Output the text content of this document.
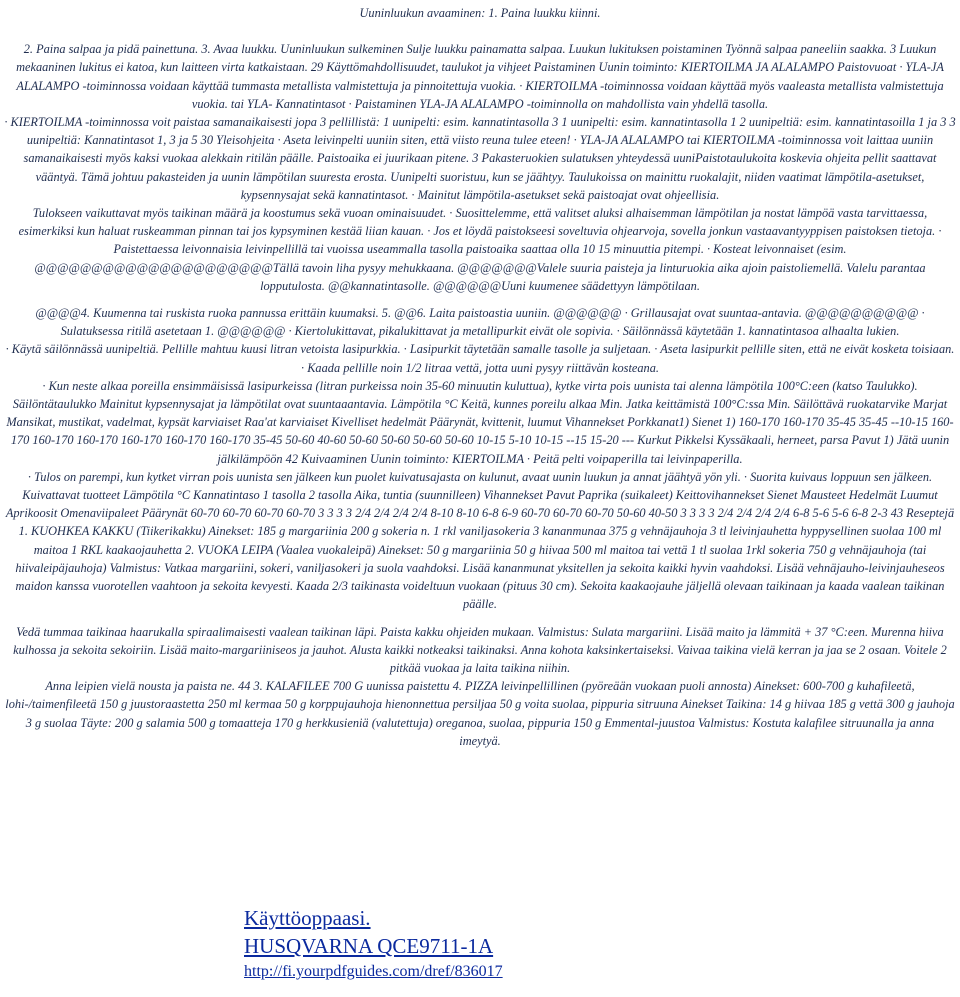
Uuninluukun avaaminen: 1. Paina luukku kiinni.

2. Paina salpaa ja pidä painettuna. 3. Avaa luukku. Uuninluukun sulkeminen Sulje luukku painamatta salpaa. Luukun lukituksen poistaminen Työnnä salpaa paneeliin saakka. 3 Luukun mekaaninen lukitus ei katoa, kun laitteen virta katkaistaan. 29 Käyttömahdollisuudet, taulukot ja vihjeet Paistaminen Uunin toiminto: KIERTOILMA JA ALALAMPO Paistovuoat · YLA-JA ALALAMPO -toiminnossa voidaan käyttää tummasta metallista valmistettuja ja pinnoitettuja vuokia. · KIERTOILMA -toiminnossa voidaan käyttää myös vaaleasta metallista valmistettuja vuokia. tai YLA- Kannatintasot · Paistaminen YLA-JA ALALAMPO -toiminnolla on mahdollista vain yhdellä tasolla.

· KIERTOILMA -toiminnossa voit paistaa samanaikaisesti jopa 3 pellillistä: 1 uunipelti: esim. kannatintasolla 3 1 uunipelti: esim. kannatintasolla 1 2 uunipeltiä: esim. kannatintasoilla 1 ja 3 3 uunipeltiä: Kannatintasot 1, 3 ja 5 30 Yleisohjeita · Aseta leivinpelti uuniin siten, että viisto reuna tulee eteen! · YLA-JA ALALAMPO tai KIERTOILMA -toiminnossa voit laittaa uuniin samanaikaisesti myös kaksi vuokaa alekkain ritilän päälle. Paistoaika ei juurikaan pitene. 3 Pakasteruokien sulatuksen yhteydessä uuniPaistotaulukoita koskevia ohjeita pellit saattavat vääntyä. Tämä johtuu pakasteiden ja uunin lämpötilan suuresta erosta. Uunipelti suoristuu, kun se jäähtyy. Taulukoissa on mainittu ruokalajit, niiden vaatimat lämpötila-asetukset, kypsennysajat sekä kannatintasot. · Mainitut lämpötila-asetukset sekä paistoajat ovat ohjeellisia.

Tulokseen vaikuttavat myös taikinan määrä ja koostumus sekä vuoan ominaisuudet. · Suosittelemme, että valitset aluksi alhaisemman lämpötilan ja nostat lämpöä vasta tarvittaessa, esimerkiksi kun haluat ruskeamman pinnan tai jos kypsyminen kestää liian kauan. · Jos et löydä paistokseesi soveltuvia ohjearvoja, sovella jonkun vastaavantyyppisen paistoksen tietoja. · Paistettaessa leivonnaisia leivinpellillä tai vuoissa useammalla tasolla paistoaika saattaa olla 10 15 minuuttia pitempi. · Kosteat leivonnaiset (esim. @@@@@@@@@@@@@@@@@@@@@Tällä tavoin liha pysyy mehukkaana. @@@@@@@Valele suuria paisteja ja linturuokia aika ajoin paistoliemellä. Valelu parantaa lopputulosta. @@kannatintasolle. @@@@@@Uuni kuumenee säädettyyn lämpötilaan.

@@@@4. Kuumenna tai ruskista ruoka pannussa erittäin kuumaksi. 5. @@6. Laita paistoastia uuniin. @@@@@@ · Grillausajat ovat suuntaa-antavia. @@@@@@@@@@ · Sulatuksessa ritilä asetetaan 1. @@@@@@ · Kiertolukittavat, pikalukittavat ja metallipurkit eivät ole sopivia. · Säilönnässä käytetään 1. kannatintasoa alhaalta lukien.

· Käytä säilönnässä uunipeltiä. Pellille mahtuu kuusi litran vetoista lasipurkkia. · Lasipurkit täytetään samalle tasolle ja suljetaan. · Aseta lasipurkit pellille siten, että ne eivät kosketa toisiaan. · Kaada pellille noin 1/2 litraa vettä, jotta uuni pysyy riittävän kosteana.

· Kun neste alkaa poreilla ensimmäisissä lasipurkeissa (litran purkeissa noin 35-60 minuutin kuluttua), kytke virta pois uunista tai alenna lämpötila 100°C:een (katso Taulukko). Säilöntätaulukko Mainitut kypsennysajat ja lämpötilat ovat suuntaaantavia. Lämpötila °C Keitä, kunnes poreilu alkaa Min. Jatka keittämistä 100°C:ssa Min. Säilöttävä ruokatarvike Marjat Mansikat, mustikat, vadelmat, kypsät karviaiset Raa'at karviaiset Kivelliset hedelmät Päärynät, kvittenit, luumut Vihannekset Porkkanat1) Sienet 1) 160-170 160-170 35-45 35-45 --10-15 160-170 160-170 160-170 160-170 160-170 160-170 35-45 50-60 40-60 50-60 50-60 50-60 50-60 10-15 5-10 10-15 --15 15-20 --- Kurkut Pikkelsi Kyssäkaali, herneet, parsa Pavut 1) Jätä uunin jälkilämpöön 42 Kuivaaminen Uunin toiminto: KIERTOILMA · Peitä pelti voipaperilla tai leivinpaperilla.

· Tulos on parempi, kun kytket virran pois uunista sen jälkeen kun puolet kuivatusajasta on kulunut, avaat uunin luukun ja annat jäähtyä yön yli. · Suorita kuivaus loppuun sen jälkeen. Kuivattavat tuotteet Lämpötila °C Kannatintaso 1 tasolla 2 tasolla Aika, tuntia (suunnilleen) Vihannekset Pavut Paprika (suikaleet) Keittovihannekset Sienet Mausteet Hedelmät Luumut Aprikoosit Omenaviipaleet Päärynät 60-70 60-70 60-70 60-70 3 3 3 3 2/4 2/4 2/4 2/4 8-10 8-10 6-8 6-9 60-70 60-70 60-70 50-60 40-50 3 3 3 3 2/4 2/4 2/4 2/4 6-8 5-6 5-6 6-8 2-3 43 Reseptejä 1. KUOHKEA KAKKU (Tiikerikakku) Ainekset: 185 g margariinia 200 g sokeria n. 1 rkl vaniljasokeria 3 kananmunaa 375 g vehnäjauhoja 3 tl leivinjauhetta hyppysellinen suolaa 100 ml maitoa 1 RKL kaakaojauhetta 2. VUOKA LEIPA (Vaalea vuokaleipä) Ainekset: 50 g margariinia 50 g hiivaa 500 ml maitoa tai vettä 1 tl suolaa 1rkl sokeria 750 g vehnäjauhoja (tai hiivaleipäjauhoja) Valmistus: Vatkaa margariini, sokeri, vaniljasokeri ja suola vaahdoksi. Lisää kananmunat yksitellen ja sekoita kaikki hyvin vaahdoksi. Lisää vehnäjauho-leivinjauheseos maidon kanssa vuorotellen vaahtoon ja sekoita kevyesti. Kaada 2/3 taikinasta voideltuun vuokaan (pituus 30 cm). Sekoita kaakaojauhe jäljellä olevaan taikinaan ja kaada vaalean taikinan päälle.

Vedä tummaa taikinaa haarukalla spiraalimaisesti vaalean taikinan läpi. Paista kakku ohjeiden mukaan. Valmistus: Sulata margariini. Lisää maito ja lämmitä + 37 °C:een. Murenna hiiva kulhossa ja sekoita sekoiriin. Lisää maito-margariiniseos ja jauhot. Alusta kaikki notkeaksi taikinaksi. Anna kohota kaksinkertaiseksi. Vaivaa taikina vielä kerran ja jaa se 2 osaan. Voitele 2 pitkää vuokaa ja laita taikina niihin.

Anna leipien vielä nousta ja paista ne. 44 3. KALAFILEE 700 G uunissa paistettu 4. PIZZA leivinpellillinen (pyöreään vuokaan puoli annosta) Ainekset: 600-700 g kuhafileetä, lohi-/taimenfileetä 150 g juustoraastetta 250 ml kermaa 50 g korppujauhoja hienonnettua persiljaa 50 g voita suolaa, pippuria sitruuna Ainekset Taikina: 14 g hiivaa 185 g vettä 300 g jauhoja 3 g suolaa Täyte: 200 g salamia 500 g tomaatteja 170 g herkkusieniä (valutettuja) oreganoa, suolaa, pippuria 150 g Emmental-juustoa Valmistus: Kostuta kalafilee sitruunalla ja anna imeytyä.

Käyttöoppaasi.
HUSQVARNA QCE9711-1A
http://fi.yourpdfguides.com/dref/836017
